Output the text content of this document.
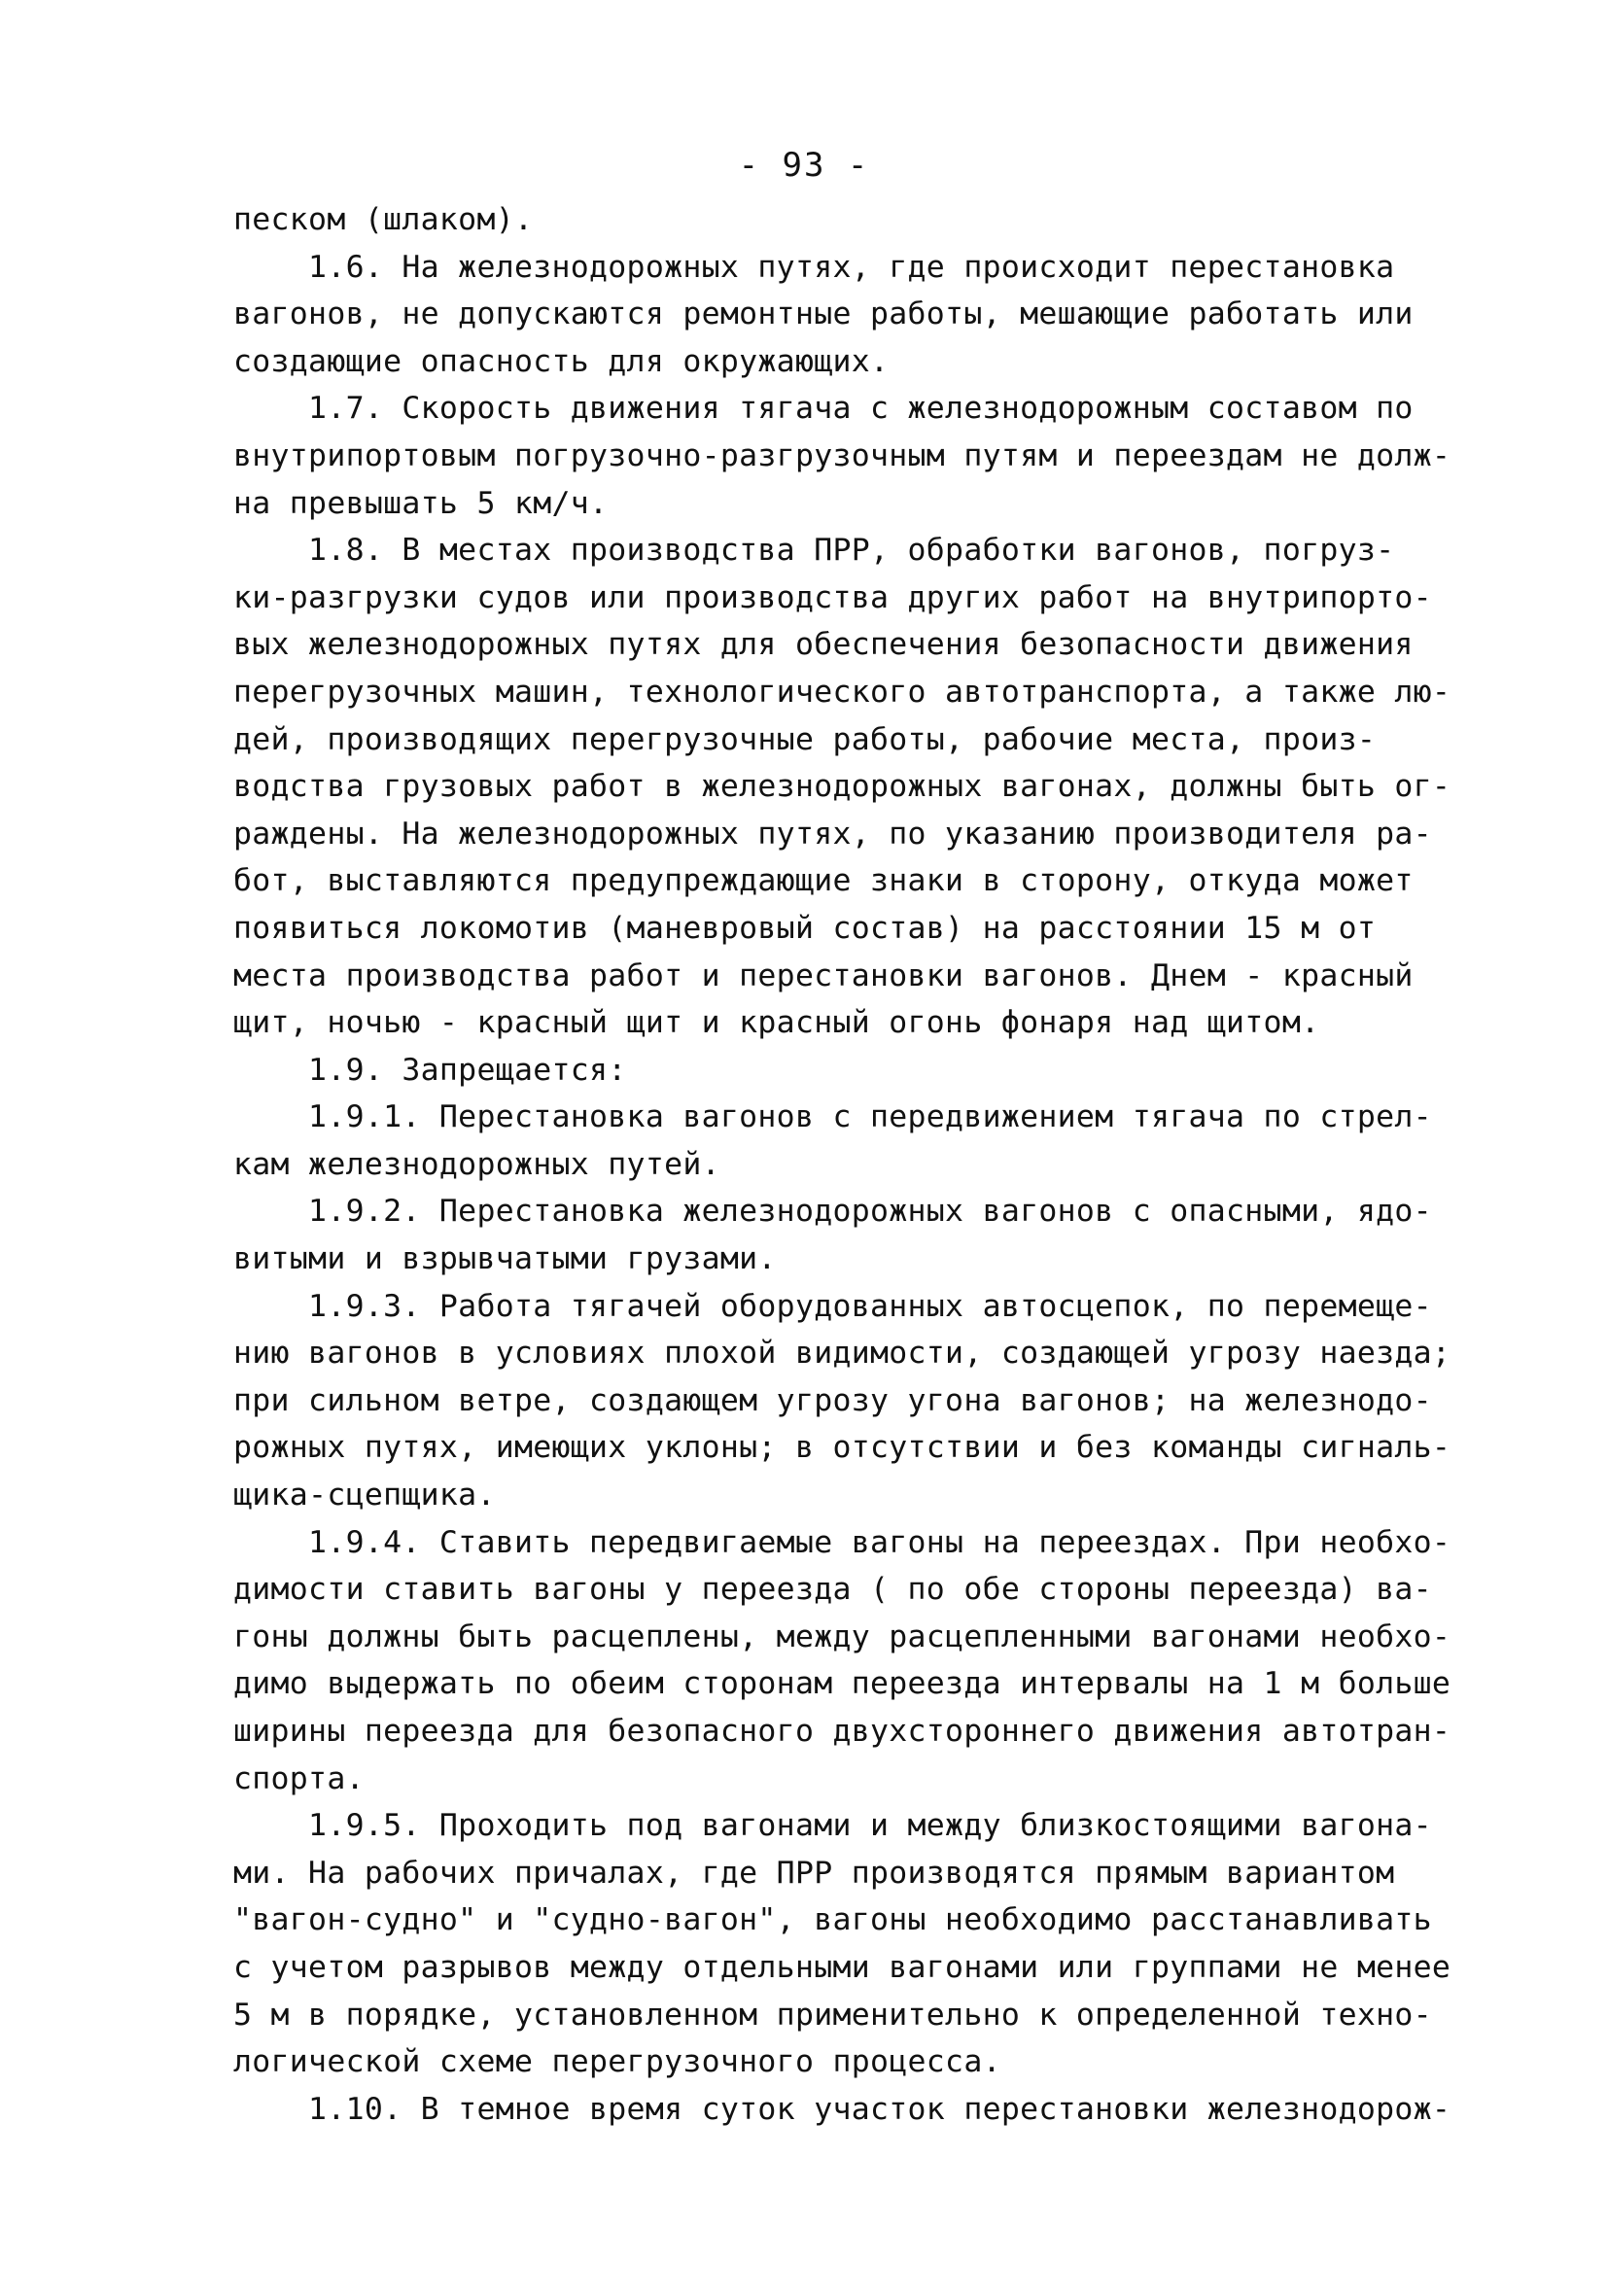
- 93 -
песком (шлаком).
1.6. На железнодорожных путях, где происходит перестановка
вагонов, не допускаются ремонтные работы, мешающие работать или
создающие опасность для окружающих.
1.7. Скорость движения тягача с железнодорожным составом по
внутрипортовым погрузочно-разгрузочным путям и переездам не долж-
на превышать 5 км/ч.
1.8. В местах производства ПРР, обработки вагонов, погруз-
ки-разгрузки судов или производства других работ на внутрипорто-
вых железнодорожных путях для обеспечения безопасности движения
перегрузочных машин, технологического автотранспорта, а также лю-
дей, производящих перегрузочные работы, рабочие места, произ-
водства грузовых работ в железнодорожных вагонах, должны быть ог-
раждены. На железнодорожных путях, по указанию производителя ра-
бот, выставляются предупреждающие знаки в сторону, откуда может
появиться локомотив (маневровый состав) на расстоянии 15 м от
места производства работ и перестановки вагонов. Днем - красный
щит, ночью - красный щит и красный огонь фонаря над щитом.
1.9. Запрещается:
1.9.1. Перестановка вагонов с передвижением тягача по стрел-
кам железнодорожных путей.
1.9.2. Перестановка железнодорожных вагонов с опасными, ядо-
витыми и взрывчатыми грузами.
1.9.3. Работа тягачей оборудованных автосцепок, по перемеще-
нию вагонов в условиях плохой видимости, создающей угрозу наезда;
при сильном ветре, создающем угрозу угона вагонов; на железнодо-
рожных путях, имеющих уклоны; в отсутствии и без команды сигналь-
щика-сцепщика.
1.9.4. Ставить передвигаемые вагоны на переездах. При необхо-
димости ставить вагоны у переезда ( по обе стороны переезда) ва-
гоны должны быть расцеплены, между расцепленными вагонами необхо-
димо выдержать по обеим сторонам переезда интервалы на 1 м больше
ширины переезда для безопасного двухстороннего движения автотран-
спорта.
1.9.5. Проходить под вагонами и между близкостоящими вагона-
ми. На рабочих причалах, где ПРР производятся прямым вариантом
"вагон-судно" и "судно-вагон", вагоны необходимо расстанавливать
с учетом разрывов между отдельными вагонами или группами не менее
5 м в порядке, установленном применительно к определенной техно-
логической схеме перегрузочного процесса.
1.10. В темное время суток участок перестановки железнодорож-
